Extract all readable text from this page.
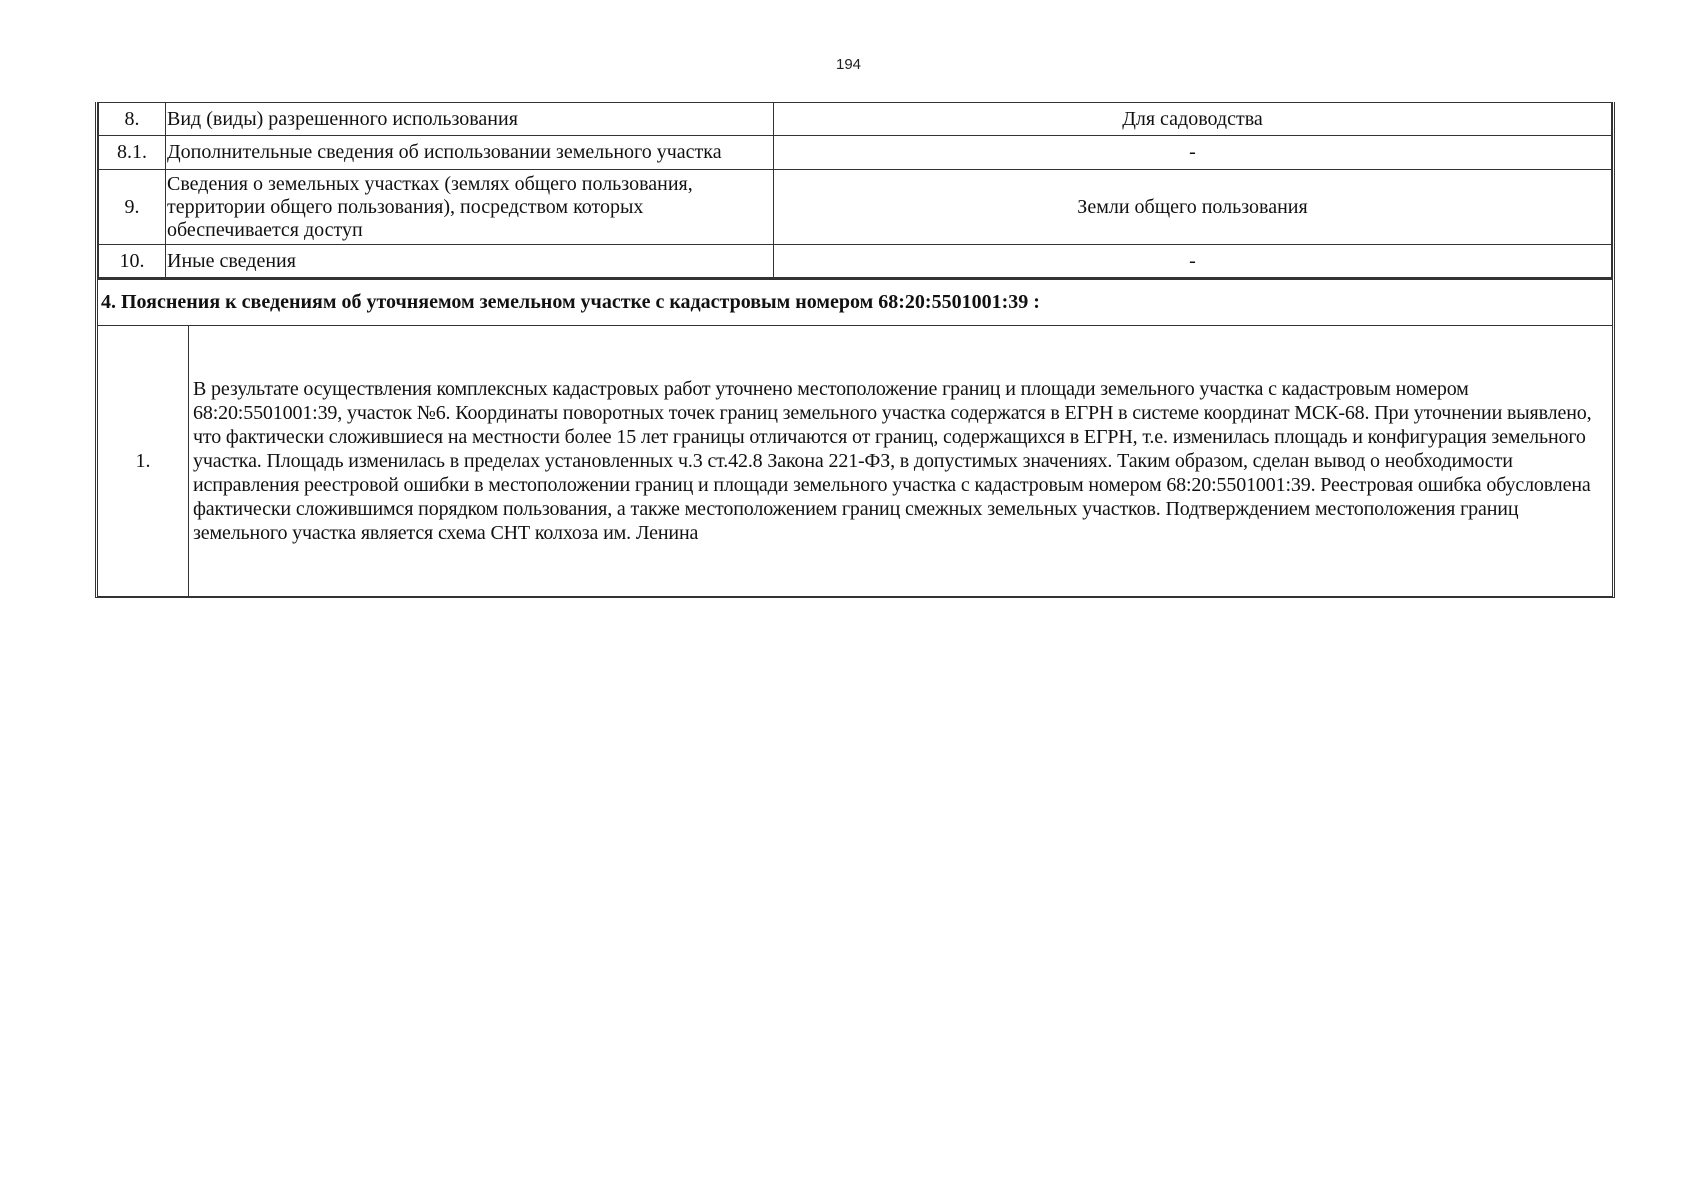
194
8.	Вид (виды) разрешенного использования	Для садоводства
8.1.	Дополнительные сведения об использовании земельного участка	-
9.	Сведения о земельных участках (землях общего пользования, территории общего пользования), посредством которых обеспечивается доступ	Земли общего пользования
10.	Иные сведения	-
4. Пояснения к сведениям об уточняемом земельном участке с кадастровым номером 68:20:5501001:39 :
1.	В результате осуществления комплексных кадастровых работ уточнено местоположение границ и площади земельного участка с кадастровым номером 68:20:5501001:39, участок №6. Координаты поворотных точек границ земельного участка содержатся в ЕГРН в системе координат МСК-68. При уточнении выявлено, что фактически сложившиеся на местности более 15 лет границы отличаются от границ, содержащихся в ЕГРН, т.е. изменилась площадь и конфигурация земельного участка. Площадь изменилась в пределах установленных ч.3 ст.42.8 Закона 221-ФЗ, в допустимых значениях. Таким образом, сделан вывод о необходимости исправления реестровой ошибки в местоположении границ и площади земельного участка с кадастровым номером 68:20:5501001:39. Реестровая ошибка обусловлена фактически сложившимся порядком пользования, а также местоположением границ смежных земельных участков. Подтверждением местоположения границ земельного участка является схема СНТ колхоза им. Ленина
